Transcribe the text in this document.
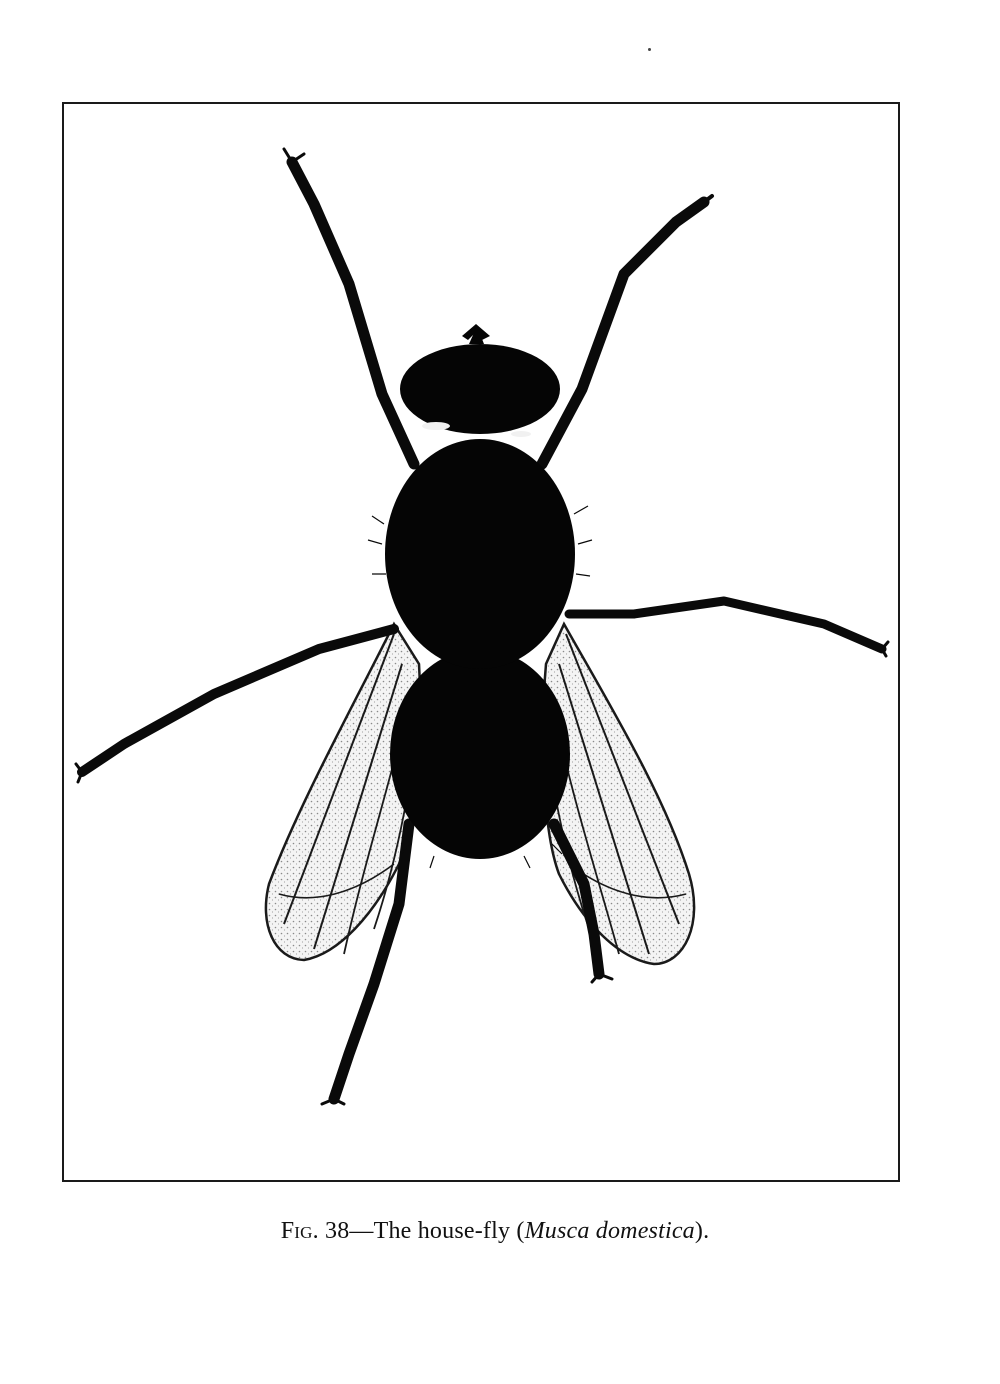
Fig. 38—The house-fly (Musca domestica).
